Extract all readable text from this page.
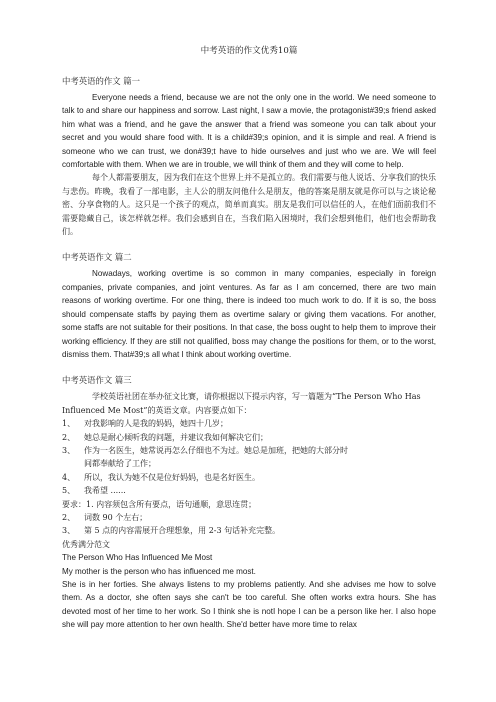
中考英语的作文优秀10篇

中考英语的作文 篇一

Everyone needs a friend, because we are not the only one in the world. We need someone to talk to and share our happiness and sorrow. Last night, I saw a movie, the protagonist#39;s friend asked him what was a friend, and he gave the answer that a friend was someone you can talk about your secret and you would share food with. It is a child#39;s opinion, and it is simple and real. A friend is someone who we can trust, we don#39;t have to hide ourselves and just who we are. We will feel comfortable with them. When we are in trouble, we will think of them and they will come to help.

每个人都需要朋友，因为我们在这个世界上并不是孤立的。我们需要与他人说话、分享我们的快乐与悲伤。昨晚，我看了一部电影，主人公的朋友问他什么是朋友，他的答案是朋友就是你可以与之谈论秘密、分享食物的人。这只是一个孩子的观点，简单而真实。朋友是我们可以信任的人，在他们面前我们不需要隐藏自己，该怎样就怎样。我们会感到自在，当我们陷入困境时，我们会想到他们，他们也会帮助我们。

中考英语作文 篇二

Nowadays, working overtime is so common in many companies, especially in foreign companies, private companies, and joint ventures. As far as I am concerned, there are two main reasons of working overtime. For one thing, there is indeed too much work to do. If it is so, the boss should compensate staffs by paying them as overtime salary or giving them vacations. For another, some staffs are not suitable for their positions. In that case, the boss ought to help them to improve their working efficiency. If they are still not qualified, boss may change the positions for them, or to the worst, dismiss them. That#39;s all what I think about working overtime.

中考英语作文 篇三

学校英语社团在举办征文比赛，请你根据以下提示内容，写一篇题为“The Person Who Has Influenced Me Most”的英语文章。内容要点如下：

1、 对我影响的人是我的妈妈，她四十几岁；

2、 她总是耐心倾听我的问题，并建议我如何解决它们；

3、 作为一名医生，她常说再怎么仔细也不为过。她总是加班，把她的大部分时

间都奉献给了工作；

4、 所以，我认为她不仅是位好妈妈，也是名好医生。

5、 我希望 ......

要求：1. 内容须包含所有要点，语句通顺，意思连贯；

2、 词数 90 个左右；

3、 第 5 点的内容需展开合理想象，用 2-3 句话补充完整。

优秀满分范文

The Person Who Has Influenced Me Most

My mother is the person who has influenced me most.

She is in her forties. She always listens to my problems patiently. And she advises me how to solve them. As a doctor, she often says she can't be too careful. She often works extra hours. She has devoted most of her time to her work. So I think she is notI hope I can be a person like her. I also hope she will pay more attention to her own health. She'd better have more time to relax
